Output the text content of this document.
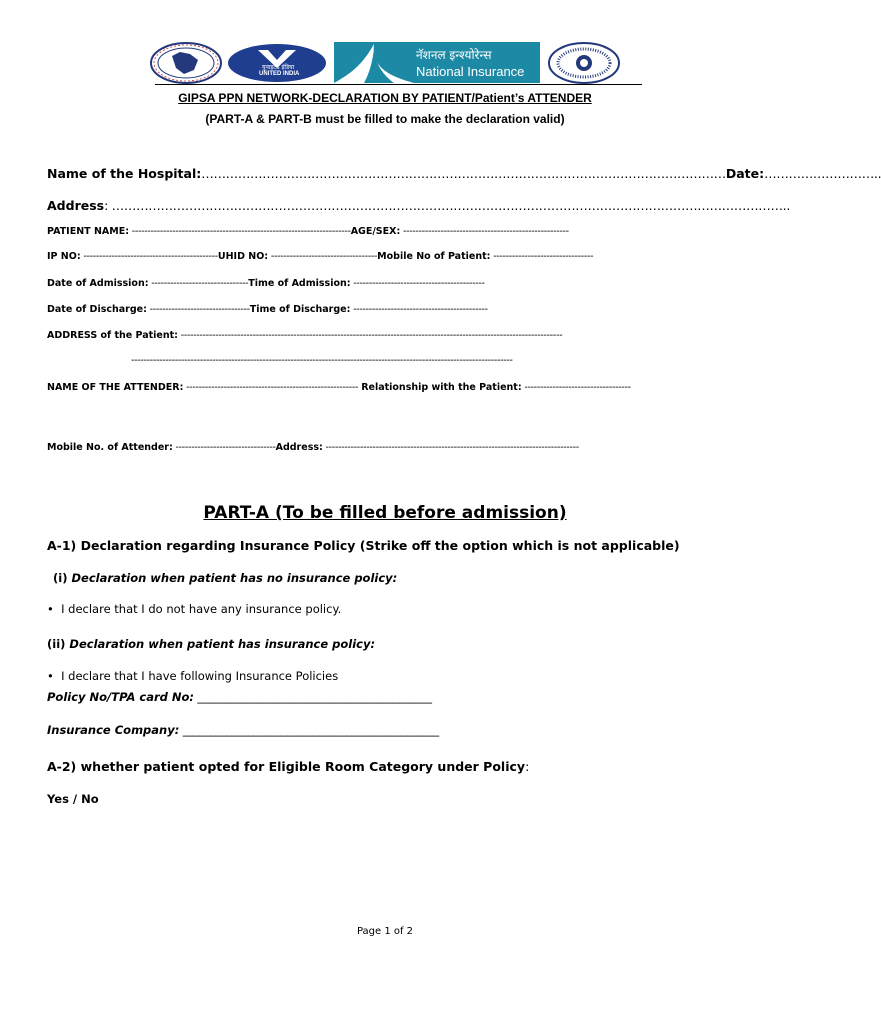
यूनाइटेड इंडिया
UNITED INDIA
नॅशनल इन्श्योरेन्स
National Insurance
GIPSA PPN NETWORK-DECLARATION BY PATIENT/Patient’s ATTENDER
(PART-A & PART-B must be filled to make the declaration valid)
Name of the Hospital:…………………………………………………………………………………………………………………Date:………………………..
Address: …………………………………………………………………………………………………………………………………………………..
PATIENT NAME: ----------------------------------------------------------------------AGE/SEX: -----------------------------------------------------
IP NO: -------------------------------------------UHID NO: ----------------------------------Mobile No of Patient: --------------------------------
Date of Admission: -------------------------------Time of Admission: ------------------------------------------
Date of Discharge: --------------------------------Time of Discharge: -------------------------------------------
ADDRESS of the Patient: --------------------------------------------------------------------------------------------------------------------------
--------------------------------------------------------------------------------------------------------------------------
NAME OF THE ATTENDER: ------------------------------------------------------- Relationship with the Patient: ----------------------------------
Mobile No. of Attender: --------------------------------Address: ---------------------------------------------------------------------------------
PART-A (To be filled before admission)
A-1) Declaration regarding Insurance Policy (Strike off the option which is not applicable)
(i) Declaration when patient has no insurance policy:
• I declare that I do not have any insurance policy.
(ii) Declaration when patient has insurance policy:
• I declare that I have following Insurance Policies
Policy No/TPA card No: ___________________________________________
Insurance Company: _______________________________________________
A-2) whether patient opted for Eligible Room Category under Policy:
Yes / No
Page 1 of 2
